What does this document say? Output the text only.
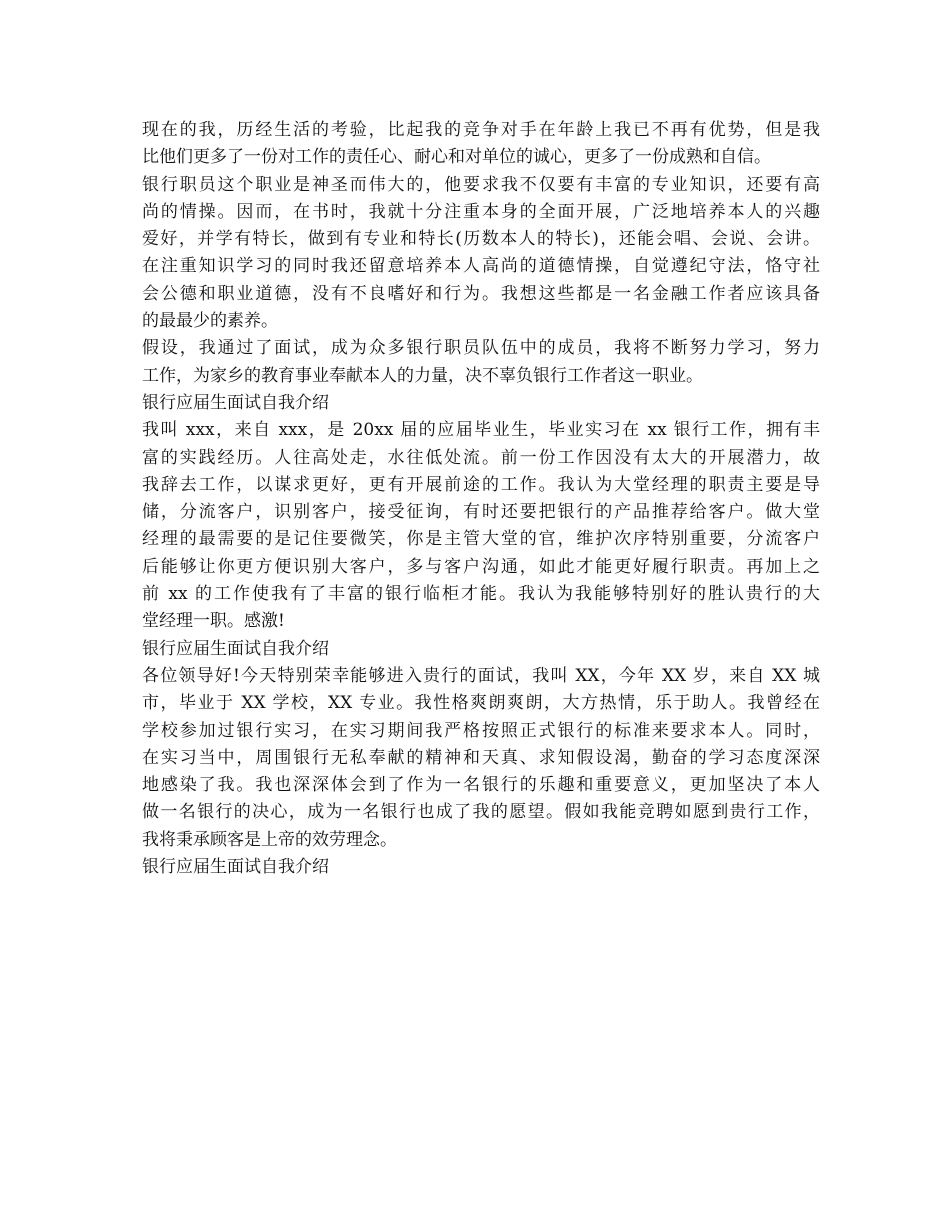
现在的我，历经生活的考验，比起我的竞争对手在年龄上我已不再有优势，但是我
比他们更多了一份对工作的责任心、耐心和对单位的诚心，更多了一份成熟和自信。
银行职员这个职业是神圣而伟大的，他要求我不仅要有丰富的专业知识，还要有高
尚的情操。因而，在书时，我就十分注重本身的全面开展，广泛地培养本人的兴趣
爱好，并学有特长，做到有专业和特长(历数本人的特长)，还能会唱、会说、会讲。
在注重知识学习的同时我还留意培养本人高尚的道德情操，自觉遵纪守法，恪守社
会公德和职业道德，没有不良嗜好和行为。我想这些都是一名金融工作者应该具备
的最最少的素养。
假设，我通过了面试，成为众多银行职员队伍中的成员，我将不断努力学习，努力
工作，为家乡的教育事业奉献本人的力量，决不辜负银行工作者这一职业。
银行应届生面试自我介绍
我叫 xxx，来自 xxx，是 20xx 届的应届毕业生，毕业实习在 xx 银行工作，拥有丰
富的实践经历。人往高处走，水往低处流。前一份工作因没有太大的开展潜力，故
我辞去工作，以谋求更好，更有开展前途的工作。我认为大堂经理的职责主要是导
储，分流客户，识别客户，接受征询，有时还要把银行的产品推荐给客户。做大堂
经理的最需要的是记住要微笑，你是主管大堂的官，维护次序特别重要，分流客户
后能够让你更方便识别大客户，多与客户沟通，如此才能更好履行职责。再加上之
前 xx 的工作使我有了丰富的银行临柜才能。我认为我能够特别好的胜认贵行的大
堂经理一职。感激!
银行应届生面试自我介绍
各位领导好!今天特别荣幸能够进入贵行的面试，我叫 XX，今年 XX 岁，来自 XX 城
市，毕业于 XX 学校，XX 专业。我性格爽朗爽朗，大方热情，乐于助人。我曾经在
学校参加过银行实习，在实习期间我严格按照正式银行的标准来要求本人。同时，
在实习当中，周围银行无私奉献的精神和天真、求知假设渴，勤奋的学习态度深深
地感染了我。我也深深体会到了作为一名银行的乐趣和重要意义，更加坚决了本人
做一名银行的决心，成为一名银行也成了我的愿望。假如我能竞聘如愿到贵行工作，
我将秉承顾客是上帝的效劳理念。
银行应届生面试自我介绍
